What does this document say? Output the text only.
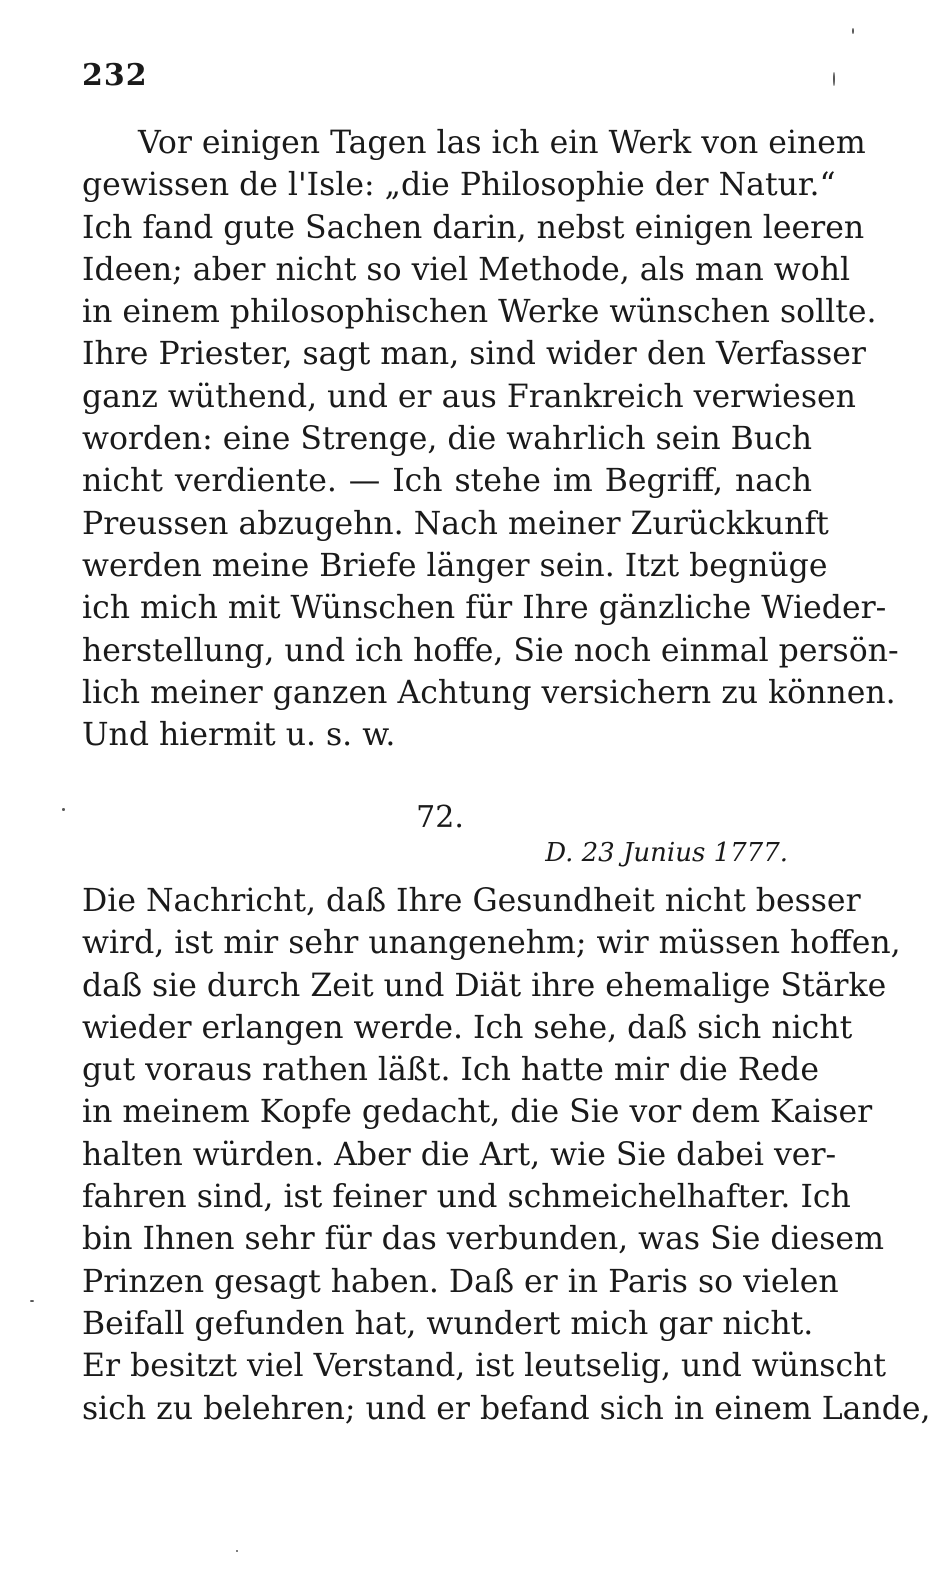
232
Vor einigen Tagen las ich ein Werk von einem
gewissen de l'Isle: „die Philosophie der Natur.“
Ich fand gute Sachen darin, nebst einigen leeren
Ideen; aber nicht so viel Methode, als man wohl
in einem philosophischen Werke wünschen sollte.
Ihre Priester, sagt man, sind wider den Verfasser
ganz wüthend, und er aus Frankreich verwiesen
worden: eine Strenge, die wahrlich sein Buch
nicht verdiente. — Ich stehe im Begriff, nach
Preussen abzugehn. Nach meiner Zurückkunft
werden meine Briefe länger sein. Itzt begnüge
ich mich mit Wünschen für Ihre gänzliche Wieder-
herstellung, und ich hoffe, Sie noch einmal persön-
lich meiner ganzen Achtung versichern zu können.
Und hiermit u. s. w.
72.
D. 23 Junius 1777.
Die Nachricht, daß Ihre Gesundheit nicht besser
wird, ist mir sehr unangenehm; wir müssen hoffen,
daß sie durch Zeit und Diät ihre ehemalige Stärke
wieder erlangen werde. Ich sehe, daß sich nicht
gut voraus rathen läßt. Ich hatte mir die Rede
in meinem Kopfe gedacht, die Sie vor dem Kaiser
halten würden. Aber die Art, wie Sie dabei ver-
fahren sind, ist feiner und schmeichelhafter. Ich
bin Ihnen sehr für das verbunden, was Sie diesem
Prinzen gesagt haben. Daß er in Paris so vielen
Beifall gefunden hat, wundert mich gar nicht.
Er besitzt viel Verstand, ist leutselig, und wünscht
sich zu belehren; und er befand sich in einem Lande,
